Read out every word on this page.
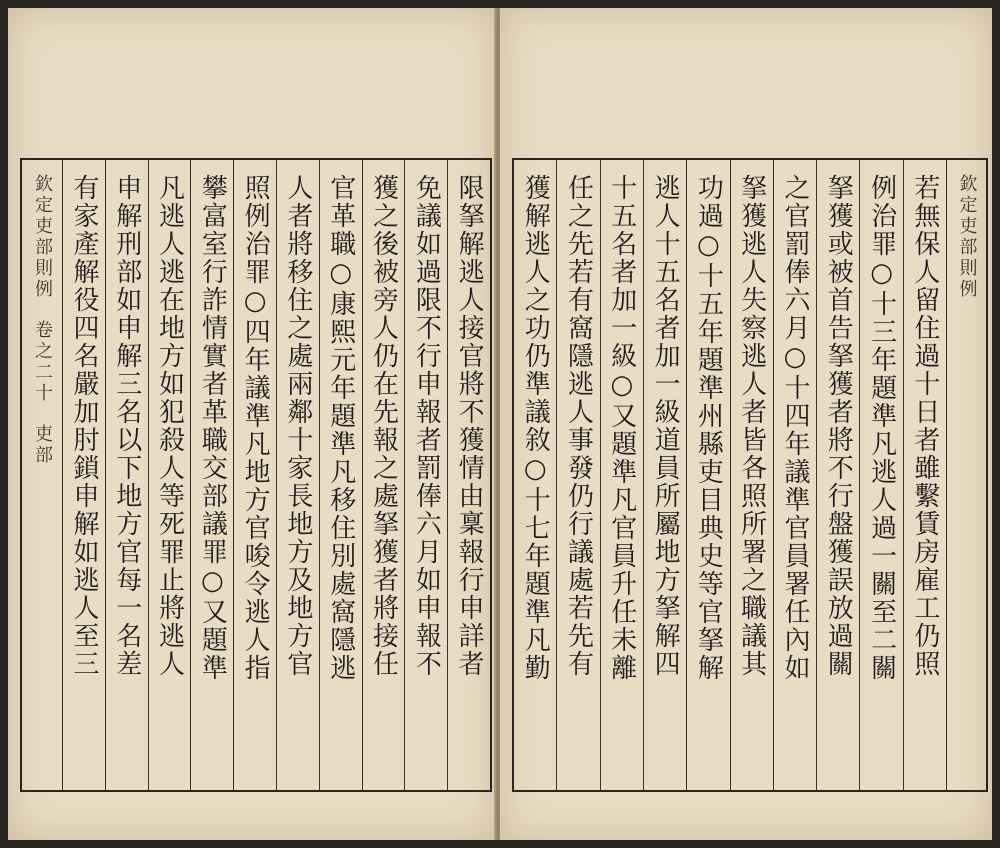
限拏解逃人接官將不獲情由稟報行申詳者
免議如過限不行申報者罰俸六月如申報不
獲之後被旁人仍在先報之處拏獲者將接任
官革職○康熙元年題準凡移住別處窩隱逃
人者將移住之處兩鄰十家長地方及地方官
照例治罪○四年議準凡地方官唆令逃人指
攀富室行詐情實者革職交部議罪○又題準
凡逃人逃在地方如犯殺人等死罪止將逃人
申解刑部如申解三名以下地方官每一名差
有家產解役四名嚴加肘鎖申解如逃人至三
欽定吏部則例
卷之二十
吏部
欽定吏部則例
若無保人留住過十日者雖繫賃房雇工仍照
例治罪○十三年題準凡逃人過一關至二關
拏獲或被首告拏獲者將不行盤獲誤放過關
之官罰俸六月○十四年議準官員署任內如
拏獲逃人失察逃人者皆各照所署之職議其
功過○十五年題準州縣吏目典史等官拏解
逃人十五名者加一級道員所屬地方拏解四
十五名者加一級○又題準凡官員升任未離
任之先若有窩隱逃人事發仍行議處若先有
獲解逃人之功仍準議敘○十七年題準凡勤
